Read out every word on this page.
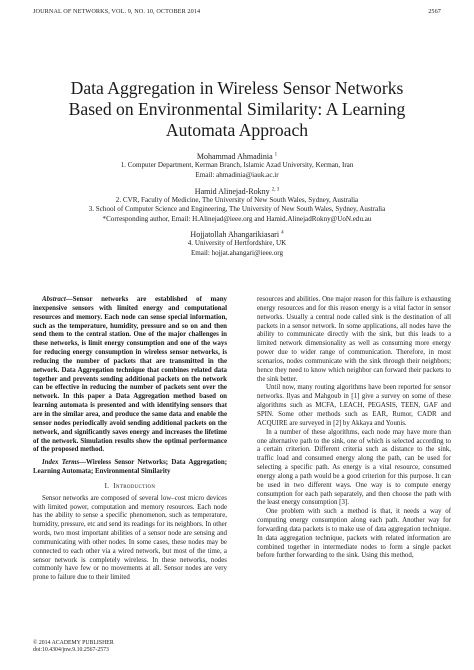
JOURNAL OF NETWORKS, VOL. 9, NO. 10, OCTOBER 2014	2567
Data Aggregation in Wireless Sensor Networks
Based on Environmental Similarity: A Learning
Automata Approach
Mohammad Ahmadinia $^1$
1. Computer Department, Kerman Branch, Islamic Azad University, Kerman, Iran
Email: ahmadinia@iauk.ac.ir
Hamid Alinejad-Rokny $^{2, 3}$
2. CVR, Faculty of Medicine, The University of New South Wales, Sydney, Australia
3. School of Computer Science and Engineering, The University of New South Wales, Sydney, Australia
*Corresponding author, Email: H.Alinejad@ieee.org and Hamid.AlinejadRokny@UoN.edu.au
Hojjatollah Ahangarikiasari $^4$
4. University of Hertfordshire, UK
Email: hojjat.ahangari@ieee.org

Abstract—Sensor networks are established of many inexpensive sensors with limited energy and computational resources and memory. Each node can sense special information, such as the temperature, humidity, pressure and so on and then send them to the central station. One of the major challenges in these networks, is limit energy consumption and one of the ways for reducing energy consumption in wireless sensor networks, is reducing the number of packets that are transmitted in the network. Data Aggregation technique that combines related data together and prevents sending additional packets on the network can be effective in reducing the number of packets sent over the network. In this paper a Data Aggregation method based on learning automata is presented and with identifying sensors that are in the similar area, and produce the same data and enable the sensor nodes periodically avoid sending additional packets on the network, and significantly saves energy and increases the lifetime of the network. Simulation results show the optimal performance of the proposed method.

Index Terms—Wireless Sensor Networks; Data Aggregation; Learning Automata; Environmental Similarity

I. Introduction

Sensor networks are composed of several low–cost micro devices with limited power, computation and memory resources. Each node has the ability to sense a specific phenomenon, such as temperature, humidity, pressure, etc and send its readings for its neighbors. In other words, two most important abilities of a sensor node are sensing and communicating with other nodes. In some cases, these nodes may be connected to each other via a wired network, but most of the time, a sensor network is completely wireless. In these networks, nodes commonly have few or no movements at all. Sensor nodes are very prone to failure due to their limited

resources and abilities. One major reason for this failure is exhausting energy resources and for this reason energy is a vital factor in sensor networks. Usually a central node called sink is the destination of all packets in a sensor network. In some applications, all nodes have the ability to communicate directly with the sink, but this leads to a limited network dimensionality as well as consuming more energy power due to wider range of communication. Therefore, in most scenarios, nodes communicate with the sink through their neighbors; hence they need to know which neighbor can forward their packets to the sink better.

Until now, many routing algorithms have been reported for sensor networks. Ilyas and Mahgoub in [1] give a survey on some of these algorithms such as MCFA, LEACH, PEGASIS, TEEN, GAF and SPIN. Some other methods such as EAR, Rumor, CADR and ACQUIRE are surveyed in [2] by Akkaya and Younis.

In a number of these algorithms, each node may have more than one alternative path to the sink, one of which is selected according to a certain criterion. Different criteria such as distance to the sink, traffic load and consumed energy along the path, can be used for selecting a specific path. As energy is a vital resource, consumed energy along a path would be a good criterion for this purpose. It can be used in two different ways. One way is to compute energy consumption for each path separately, and then choose the path with the least energy consumption [3].

One problem with such a method is that, it needs a way of computing energy consumption along each path. Another way for forwarding data packets is to make use of data aggregation technique. In data aggregation technique, packets with related information are combined together in intermediate nodes to form a single packet before further forwarding to the sink. Using this method,

© 2014 ACADEMY PUBLISHER
doi:10.4304/jnw.9.10.2567-2573
